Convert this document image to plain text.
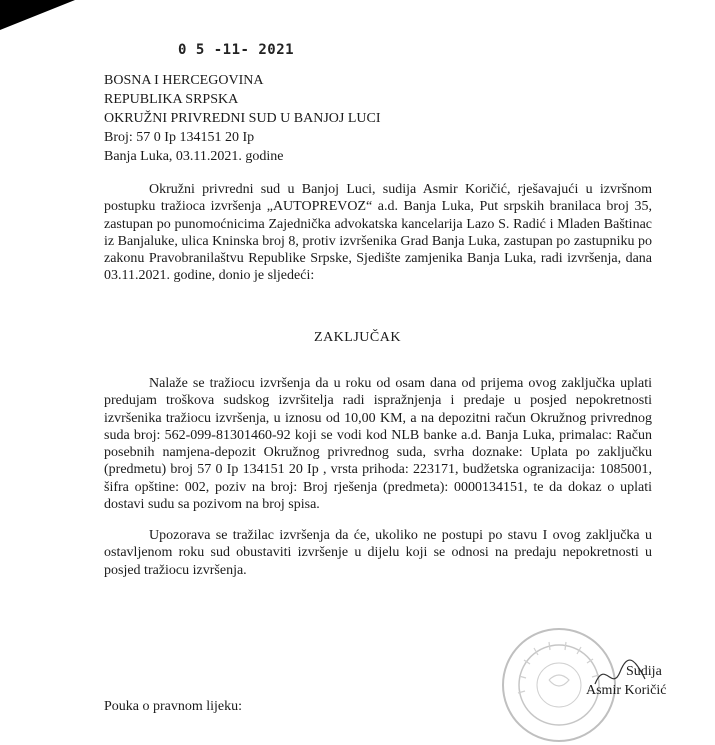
0 5 -11- 2021
BOSNA I HERCEGOVINA
REPUBLIKA SRPSKA
OKRUŽNI PRIVREDNI SUD U BANJOJ LUCI
Broj: 57 0 Ip 134151 20 Ip
Banja Luka, 03.11.2021. godine

Okružni privredni sud u Banjoj Luci, sudija Asmir Koričić, rješavajući u izvršnom postupku tražioca izvršenja „AUTOPREVOZ“ a.d. Banja Luka, Put srpskih branilaca broj 35, zastupan po punomoćnicima Zajednička advokatska kancelarija Lazo S. Radić i Mladen Baštinac iz Banjaluke, ulica Kninska broj 8, protiv izvršenika Grad Banja Luka, zastupan po zastupniku po zakonu Pravobranilaštvu Republike Srpske, Sjedište zamjenika Banja Luka, radi izvršenja, dana 03.11.2021. godine, donio je sljedeći:

ZAKLJUČAK

Nalaže se tražiocu izvršenja da u roku od osam dana od prijema ovog zaključka uplati predujam troškova sudskog izvršitelja radi ispražnjenja i predaje u posjed nepokretnosti izvršenika tražiocu izvršenja, u iznosu od 10,00 KM, a na depozitni račun Okružnog privrednog suda broj: 562-099-81301460-92 koji se vodi kod NLB banke a.d. Banja Luka, primalac: Račun posebnih namjena-depozit Okružnog privrednog suda, svrha doznake: Uplata po zaključku (predmetu) broj 57 0 Ip 134151 20 Ip , vrsta prihoda: 223171, budžetska ogranizacija: 1085001, šifra opštine: 002, poziv na broj: Broj rješenja (predmeta): 0000134151, te da dokaz o uplati dostavi sudu sa pozivom na broj spisa.

Upozorava se tražilac izvršenja da će, ukoliko ne postupi po stavu I ovog zaključka u ostavljenom roku sud obustaviti izvršenje u dijelu koji se odnosi na predaju nepokretnosti u posjed tražiocu izvršenja.

Sudija
Asmir Koričić
Pouka o pravnom lijeku:
